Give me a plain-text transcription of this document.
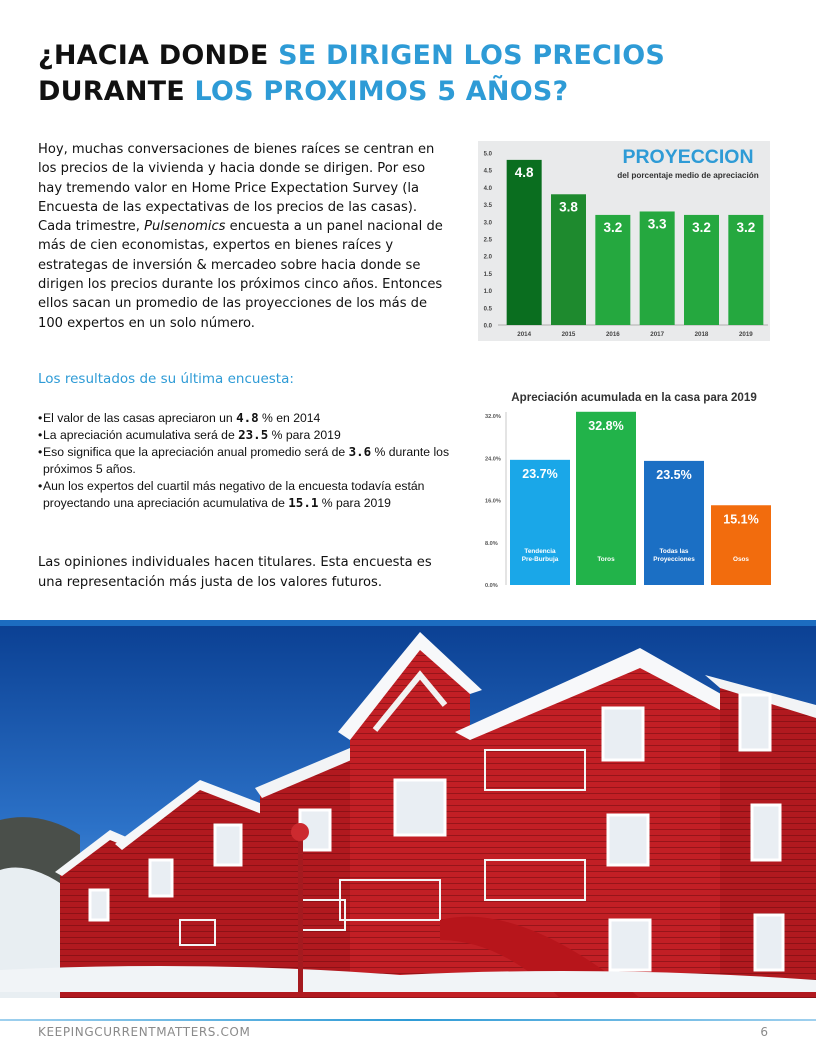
¿HACIA DONDE SE DIRIGEN LOS PRECIOS
DURANTE LOS PROXIMOS 5 AÑOS?

Hoy, muchas conversaciones de bienes raíces se centran en los precios de la vivienda y hacia donde se dirigen. Por eso hay tremendo valor en Home Price Expectation Survey (la Encuesta de las expectativas de los precios de las casas). Cada trimestre, Pulsenomics encuesta a un panel nacional de más de cien economistas, expertos en bienes raíces y estrategas de inversión & mercadeo sobre hacia donde se dirigen los precios durante los próximos cinco años. Entonces ellos sacan un promedio de las proyecciones de los más de 100 expertos en un solo número.

Los resultados de su última encuesta:
• El valor de las casas apreciaron un 4.8 % en 2014
• La apreciación acumulativa será de 23.5 % para 2019
• Eso significa que la apreciación anual promedio será de 3.6 % durante los próximos 5 años.
• Aun los expertos del cuartil más negativo de la encuesta todavía están proyectando una apreciación acumulativa de 15.1 % para 2019

Las opiniones individuales hacen titulares. Esta encuesta es una representación más justa de los valores futuros.

0.0
0.5
1.0
1.5
2.0
2.5
3.0
3.5
4.0
4.5
5.0
4.8
3.8
3.2 3.3 3.2 3.2
2014	2015	2016	2017	2018	2019
PROYECCION
del porcentaje medio de apreciación
Apreciación acumulada en la casa para 2019
0.0%
8.0%
16.0%
24.0%
32.0%
23.7%
Tendencia
Pre-Burbuja
32.8%
Toros
23.5%
Todas las
Proyecciones
15.1%
Osos
KEEPINGCURRENTMATTERS.COM	6
